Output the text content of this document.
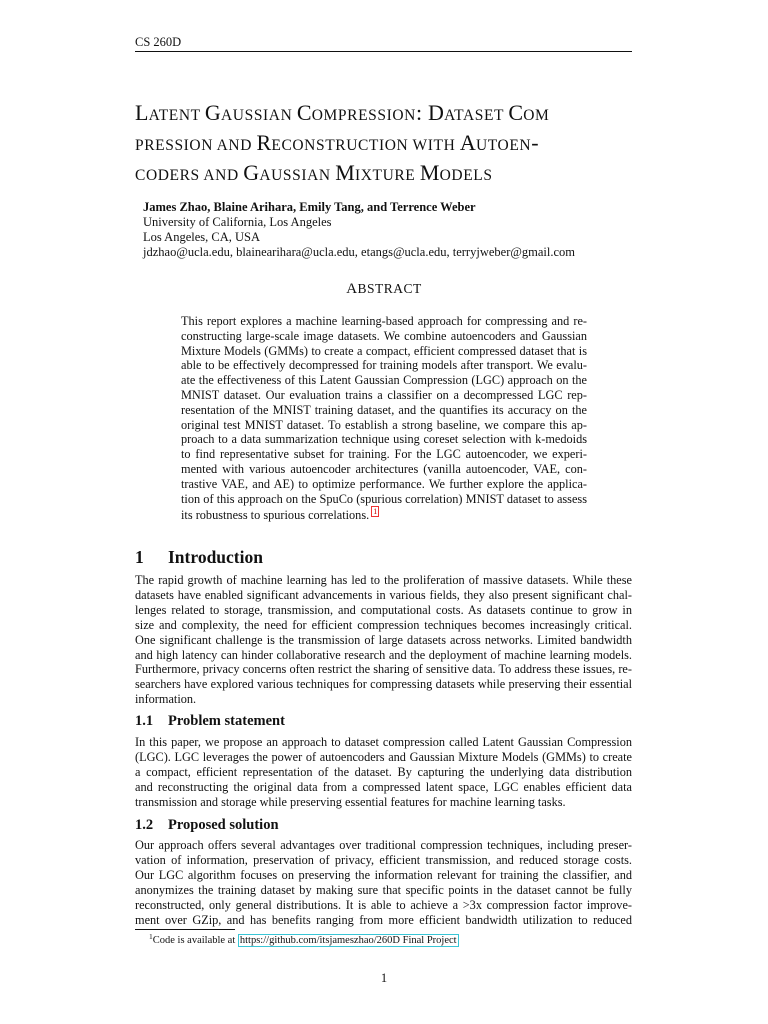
CS 260D
LATENT GAUSSIAN COMPRESSION: DATASET COM
PRESSION AND RECONSTRUCTION WITH AUTOEN-
CODERS AND GAUSSIAN MIXTURE MODELS
James Zhao, Blaine Arihara, Emily Tang, and Terrence Weber
University of California, Los Angeles
Los Angeles, CA, USA
jdzhao@ucla.edu, blainearihara@ucla.edu, etangs@ucla.edu, terryjweber@gmail.com
ABSTRACT
This report explores a machine learning-based approach for compressing and re-
constructing large-scale image datasets. We combine autoencoders and Gaussian
Mixture Models (GMMs) to create a compact, efficient compressed dataset that is
able to be effectively decompressed for training models after transport. We evalu-
ate the effectiveness of this Latent Gaussian Compression (LGC) approach on the
MNIST dataset. Our evaluation trains a classifier on a decompressed LGC rep-
resentation of the MNIST training dataset, and the quantifies its accuracy on the
original test MNIST dataset. To establish a strong baseline, we compare this ap-
proach to a data summarization technique using coreset selection with k-medoids
to find representative subset for training. For the LGC autoencoder, we experi-
mented with various autoencoder architectures (vanilla autoencoder, VAE, con-
trastive VAE, and AE) to optimize performance. We further explore the applica-
tion of this approach on the SpuCo (spurious correlation) MNIST dataset to assess
its robustness to spurious correlations. 1
1 Introduction
The rapid growth of machine learning has led to the proliferation of massive datasets. While these
datasets have enabled significant advancements in various fields, they also present significant chal-
lenges related to storage, transmission, and computational costs. As datasets continue to grow in
size and complexity, the need for efficient compression techniques becomes increasingly critical.
One significant challenge is the transmission of large datasets across networks. Limited bandwidth
and high latency can hinder collaborative research and the deployment of machine learning models.
Furthermore, privacy concerns often restrict the sharing of sensitive data. To address these issues, re-
searchers have explored various techniques for compressing datasets while preserving their essential
information.
1.1 Problem statement
In this paper, we propose an approach to dataset compression called Latent Gaussian Compression
(LGC). LGC leverages the power of autoencoders and Gaussian Mixture Models (GMMs) to create
a compact, efficient representation of the dataset. By capturing the underlying data distribution
and reconstructing the original data from a compressed latent space, LGC enables efficient data
transmission and storage while preserving essential features for machine learning tasks.
1.2 Proposed solution
Our approach offers several advantages over traditional compression techniques, including preser-
vation of information, preservation of privacy, efficient transmission, and reduced storage costs.
Our LGC algorithm focuses on preserving the information relevant for training the classifier, and
anonymizes the training dataset by making sure that specific points in the dataset cannot be fully
reconstructed, only general distributions. It is able to achieve a >3x compression factor improve-
ment over GZip, and has benefits ranging from more efficient bandwidth utilization to reduced
$^1$Code is available at https://github.com/itsjameszhao/260D Final Project
1
